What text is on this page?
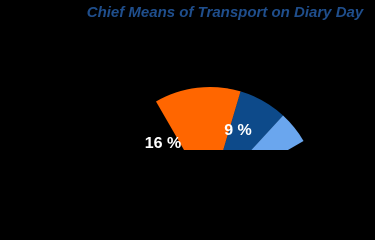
Chief Means of Transport on Diary Day
motorised individual
traffic passenger
by bike
16 %
9 %
